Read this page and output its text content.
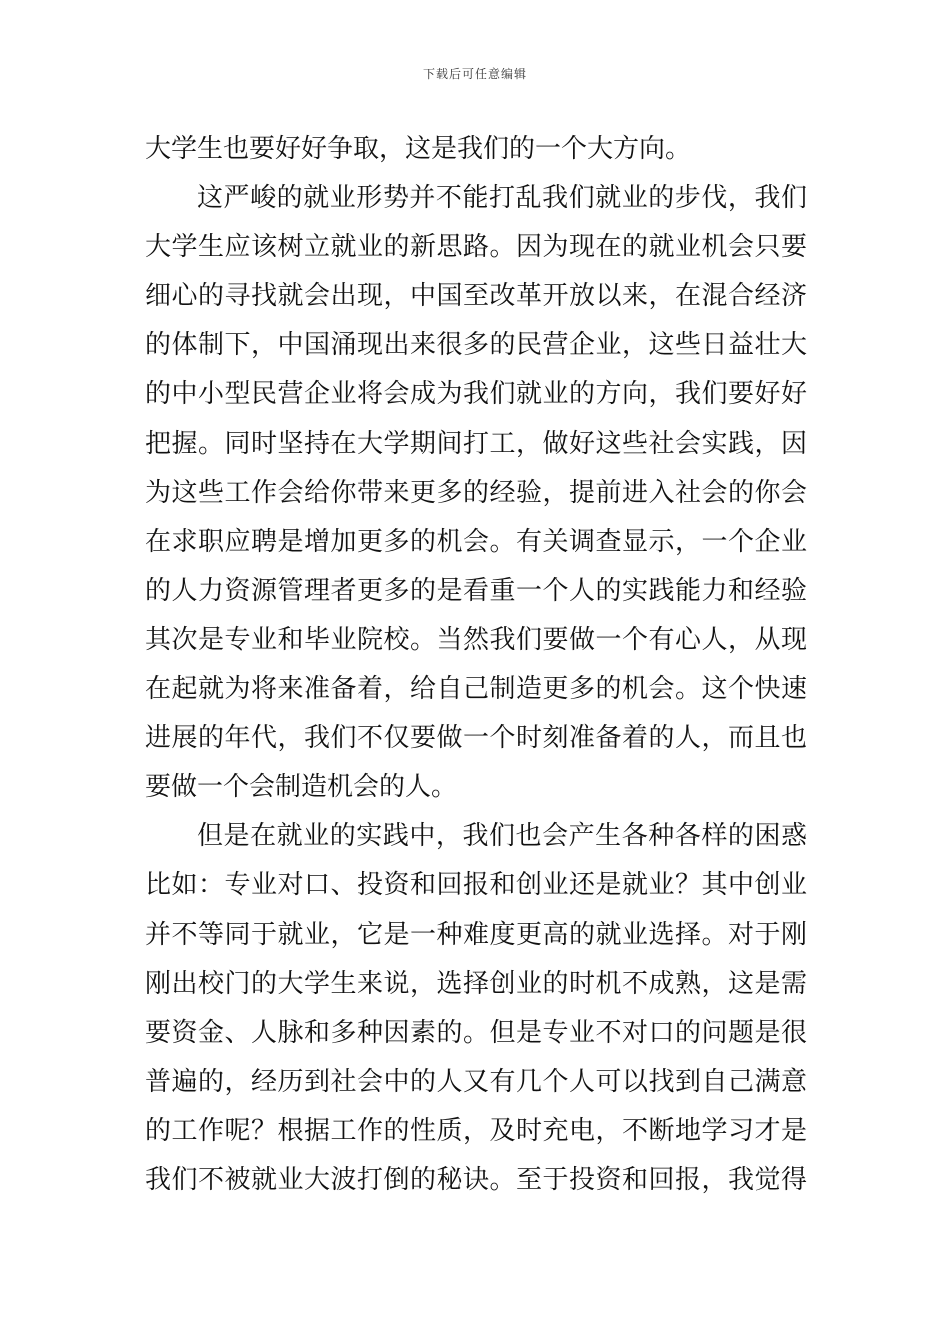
下载后可任意编辑
大学生也要好好争取，这是我们的一个大方向。
这严峻的就业形势并不能打乱我们就业的步伐，我们
大学生应该树立就业的新思路。因为现在的就业机会只要
细心的寻找就会出现，中国至改革开放以来，在混合经济
的体制下，中国涌现出来很多的民营企业，这些日益壮大
的中小型民营企业将会成为我们就业的方向，我们要好好
把握。同时坚持在大学期间打工，做好这些社会实践，因
为这些工作会给你带来更多的经验，提前进入社会的你会
在求职应聘是增加更多的机会。有关调查显示，一个企业
的人力资源管理者更多的是看重一个人的实践能力和经验
其次是专业和毕业院校。当然我们要做一个有心人，从现
在起就为将来准备着，给自己制造更多的机会。这个快速
进展的年代，我们不仅要做一个时刻准备着的人，而且也
要做一个会制造机会的人。
但是在就业的实践中，我们也会产生各种各样的困惑
比如：专业对口、投资和回报和创业还是就业？其中创业
并不等同于就业，它是一种难度更高的就业选择。对于刚
刚出校门的大学生来说，选择创业的时机不成熟，这是需
要资金、人脉和多种因素的。但是专业不对口的问题是很
普遍的，经历到社会中的人又有几个人可以找到自己满意
的工作呢？根据工作的性质，及时充电，不断地学习才是
我们不被就业大波打倒的秘诀。至于投资和回报，我觉得
